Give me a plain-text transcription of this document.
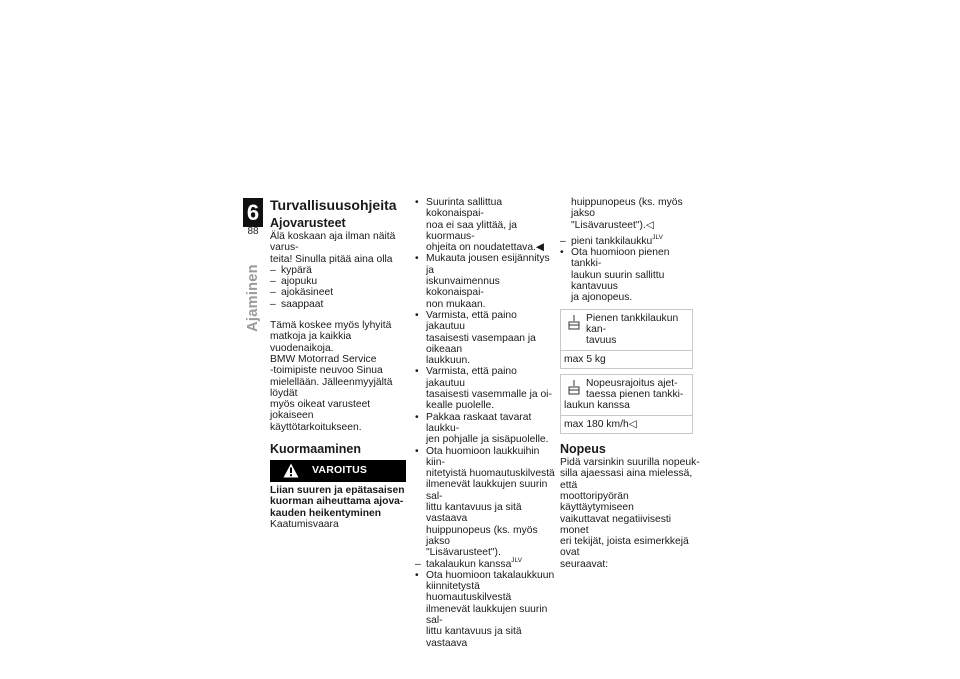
6
88
Ajaminen
Turvallisuusohjeita
Ajovarusteet

Älä koskaan aja ilman näitä varus-

teita! Sinulla pitää aina olla

– kypärä
– ajopuku
– ajokäsineet
– saappaat

Tämä koskee myös lyhyitä

matkoja ja kaikkia vuodenaikoja.

BMW Motorrad Service

-toimipiste neuvoo Sinua

mielellään. Jälleenmyyjältä löydät

myös oikeat varusteet jokaiseen

käyttötarkoitukseen.

Kuormaaminen
VAROITUS

Liian suuren ja epätasaisen

kuorman aiheuttama ajova-

kauden heikentyminen

Kaatumisvaara

• Suurinta sallittua kokonaispai-
noa ei saa ylittää, ja kuormaus-
ohjeita on noudatettava.◀
• Mukauta jousen esijännitys ja
iskunvaimennus kokonaispai-
non mukaan.
• Varmista, että paino jakautuu
tasaisesti vasempaan ja oikeaan
laukkuun.
• Varmista, että paino jakautuu
tasaisesti vasemmalle ja oi-
kealle puolelle.
• Pakkaa raskaat tavarat laukku-
jen pohjalle ja sisäpuolelle.
• Ota huomioon laukkuihin kiin-
nitetyistä huomautuskilvestä
ilmenevät laukkujen suurin sal-
littu kantavuus ja sitä vastaava
huippunopeus (ks. myös jakso
"Lisävarusteet").
– takalaukun kanssa$^{JLV}$
• Ota huomioon takalaukkuun
kiinnitetystä huomautuskilvestä
ilmenevät laukkujen suurin sal-
littu kantavuus ja sitä vastaava
huippunopeus (ks. myös jakso
"Lisävarusteet").◁
– pieni tankkilaukku$^{JLV}$
• Ota huomioon pienen tankki-
laukun suurin sallittu kantavuus
ja ajonopeus.
Pienen tankkilaukun kan-
tavuus
max 5 kg
Nopeusrajoitus ajet-
taessa pienen tankki-
laukun kanssa
max 180 km/h◁
Nopeus

Pidä varsinkin suurilla nopeuk-

silla ajaessasi aina mielessä, että

moottoripyörän käyttäytymiseen

vaikuttavat negatiivisesti monet

eri tekijät, joista esimerkkejä ovat

seuraavat:
